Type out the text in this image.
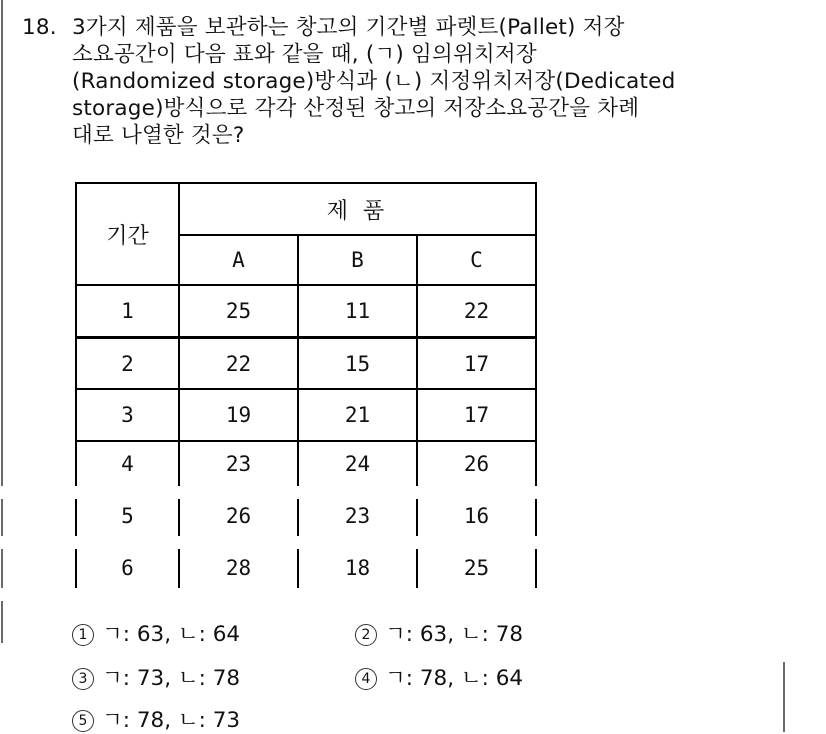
18. 3가지 제품을 보관하는 창고의 기간별 파렛트(Pallet) 저장
소요공간이 다음 표와 같을 때, (ㄱ) 임의위치저장
(Randomized storage)방식과 (ㄴ) 지정위치저장(Dedicated
storage)방식으로 각각 산정된 창고의 저장소요공간을 차례
대로 나열한 것은?
기간
제 품
A	B	C
1	25	11	22
2	22	15	17
3	19	21	17
4	23	24	26
5	26	23	16
6	28	18	25
1 ㄱ: 63, ㄴ: 64	2 ㄱ: 63, ㄴ: 78
3 ㄱ: 73, ㄴ: 78	4 ㄱ: 78, ㄴ: 64
5 ㄱ: 78, ㄴ: 73
